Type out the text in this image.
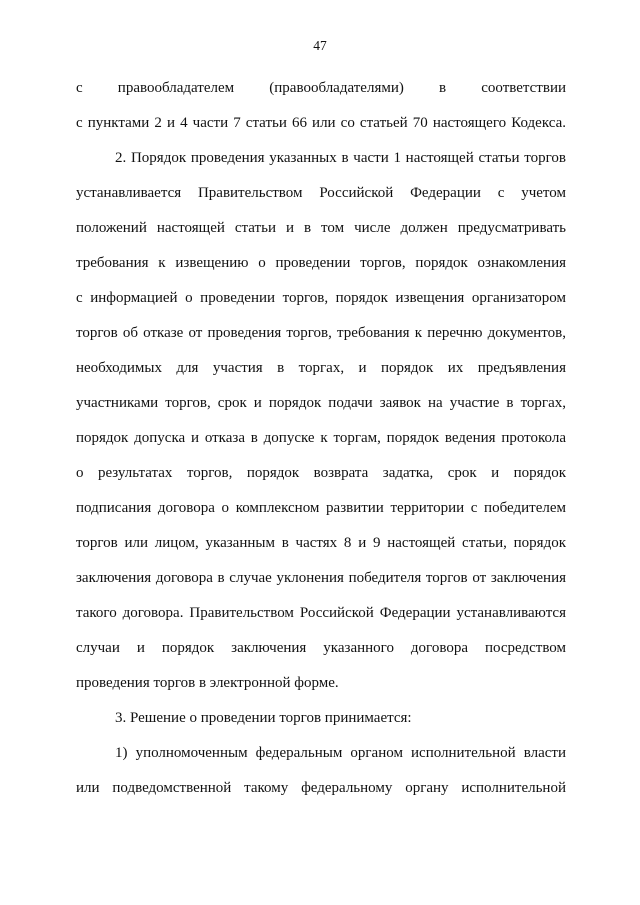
47
с правообладателем (правообладателями) в соответствии
с пунктами 2 и 4 части 7 статьи 66 или со статьей 70 настоящего Кодекса.
2. Порядок проведения указанных в части 1 настоящей статьи торгов
устанавливается Правительством Российской Федерации с учетом
положений настоящей статьи и в том числе должен предусматривать
требования к извещению о проведении торгов, порядок ознакомления
с информацией о проведении торгов, порядок извещения организатором
торгов об отказе от проведения торгов, требования к перечню документов,
необходимых для участия в торгах, и порядок их предъявления
участниками торгов, срок и порядок подачи заявок на участие в торгах,
порядок допуска и отказа в допуске к торгам, порядок ведения протокола
о результатах торгов, порядок возврата задатка, срок и порядок
подписания договора о комплексном развитии территории с победителем
торгов или лицом, указанным в частях 8 и 9 настоящей статьи, порядок
заключения договора в случае уклонения победителя торгов от заключения
такого договора. Правительством Российской Федерации устанавливаются
случаи и порядок заключения указанного договора посредством
проведения торгов в электронной форме.
3. Решение о проведении торгов принимается:
1) уполномоченным федеральным органом исполнительной власти
или подведомственной такому федеральному органу исполнительной
